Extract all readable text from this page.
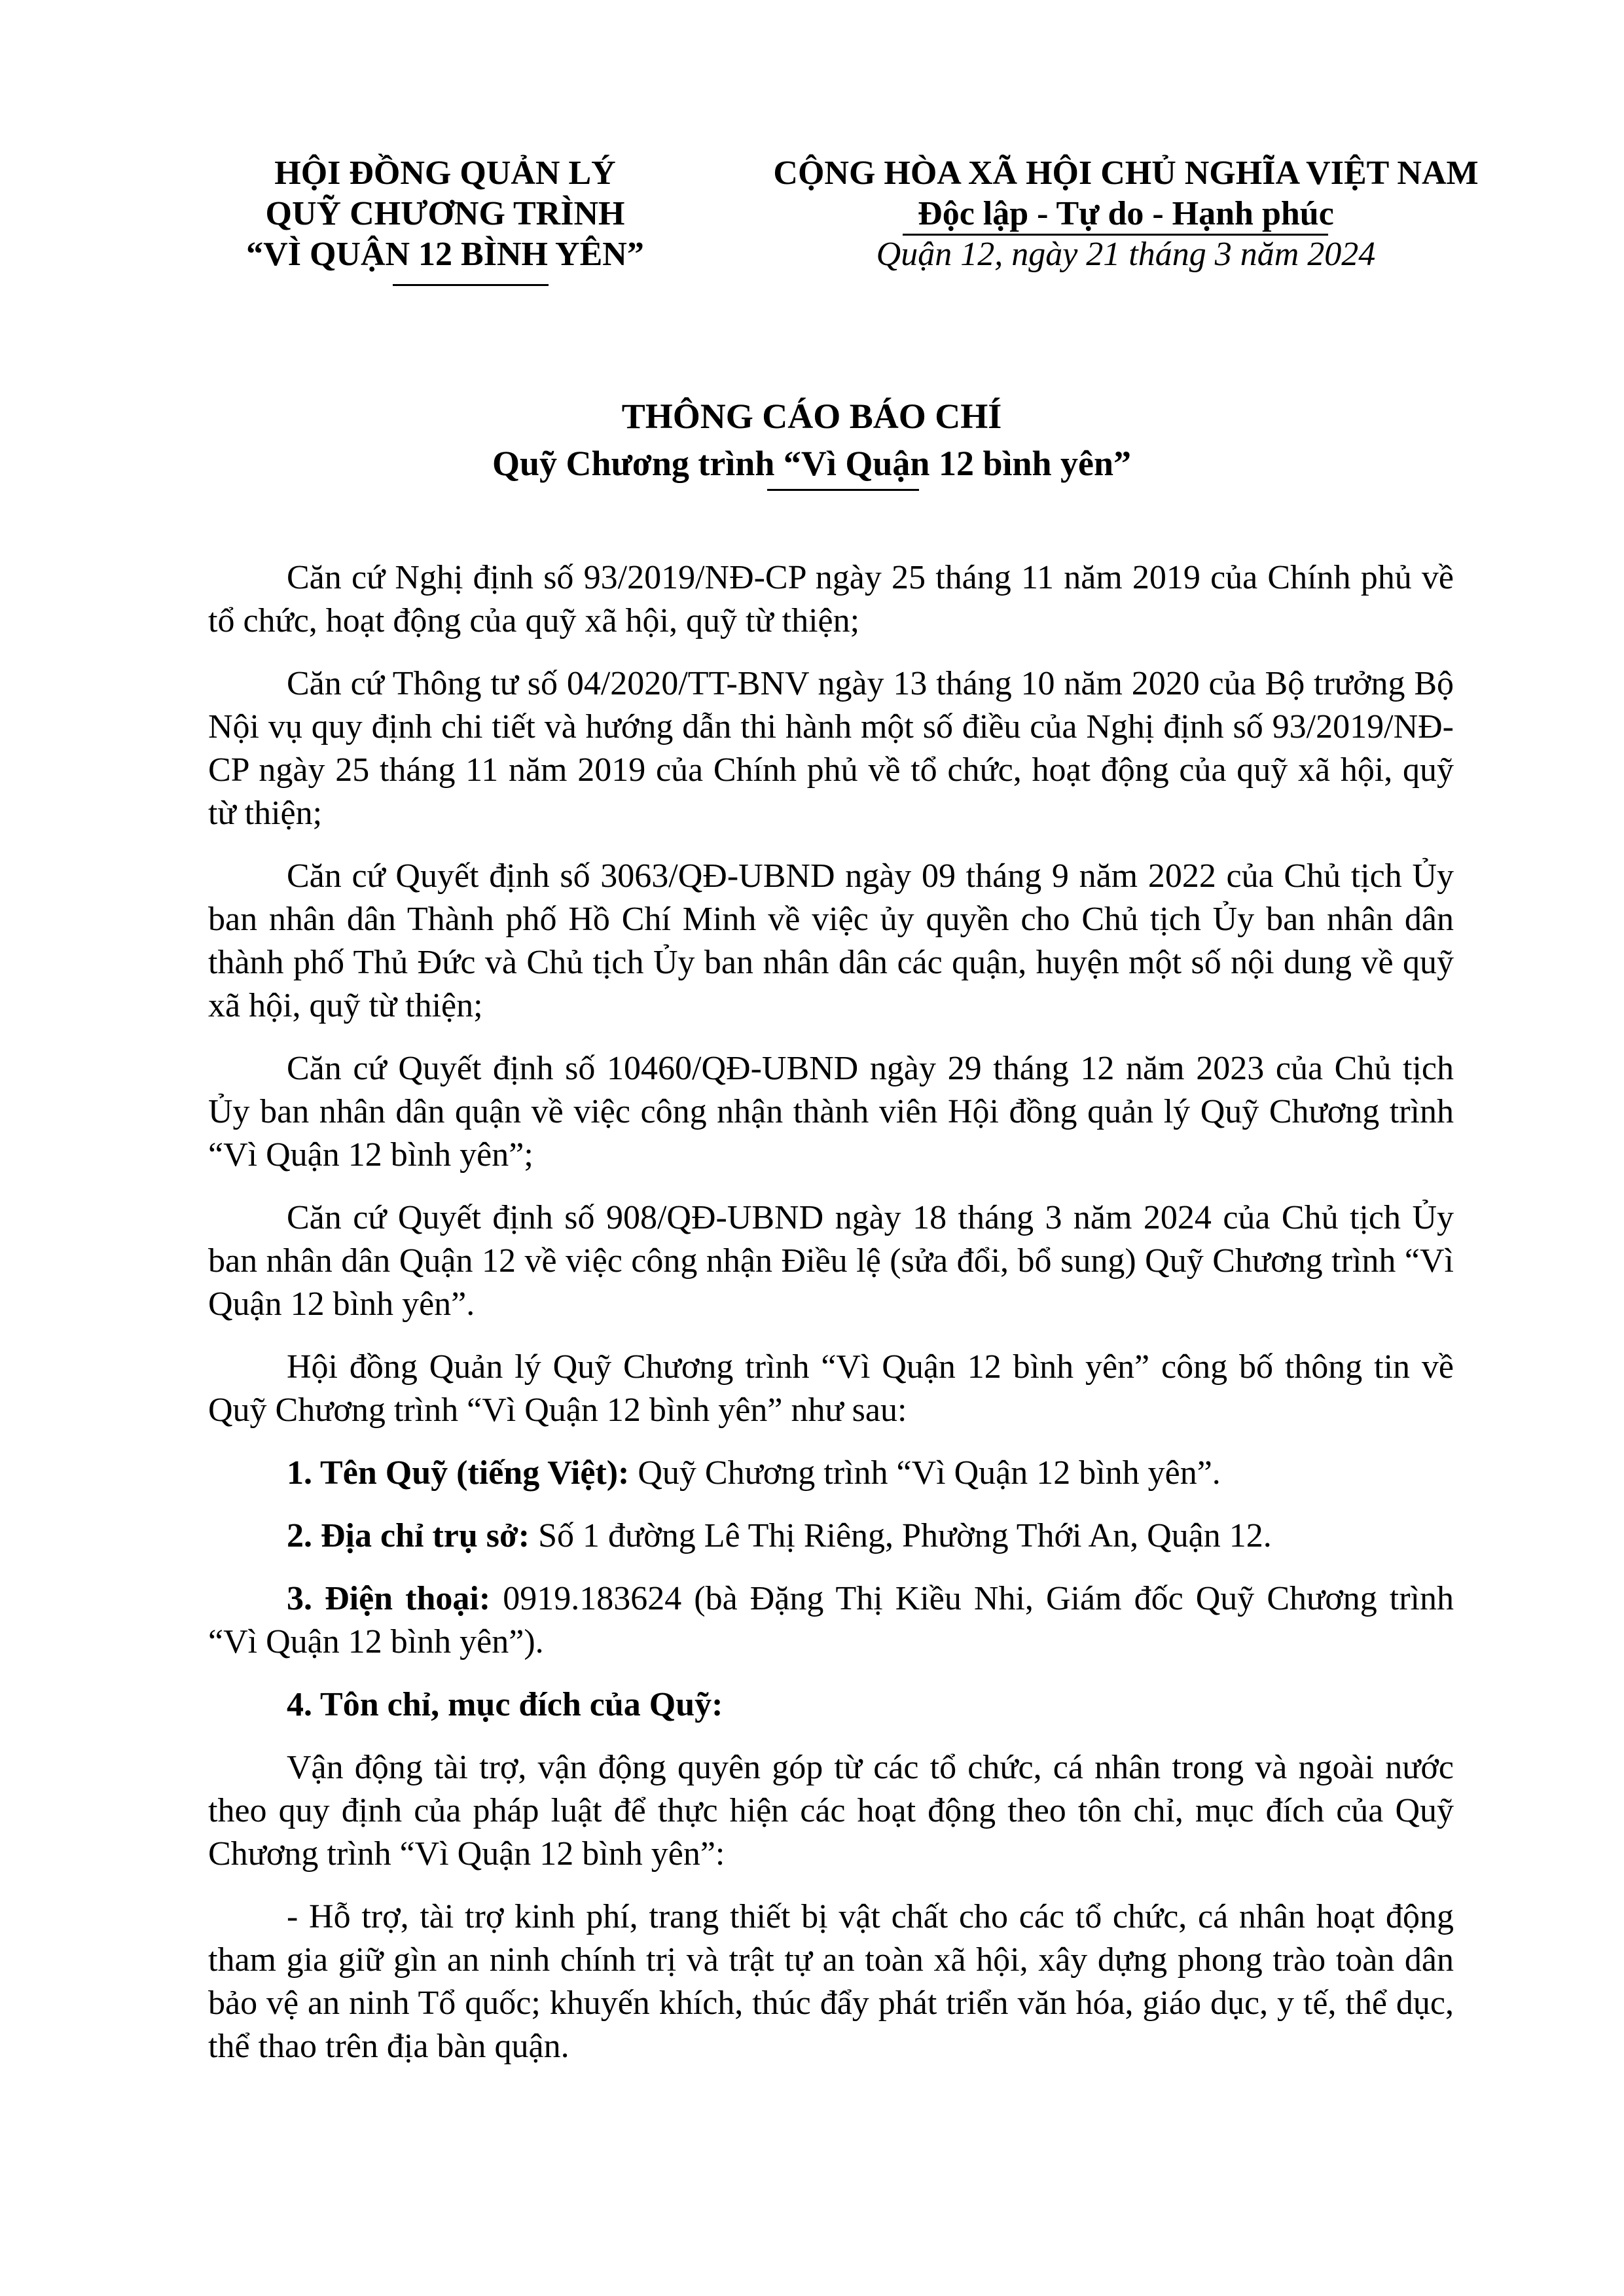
HỘI ĐỒNG QUẢN LÝ
QUỸ CHƯƠNG TRÌNH
“VÌ QUẬN 12 BÌNH YÊN”
CỘNG HÒA XÃ HỘI CHỦ NGHĨA VIỆT NAM
Độc lập - Tự do - Hạnh phúc
Quận 12, ngày 21 tháng 3 năm 2024
THÔNG CÁO BÁO CHÍ
Quỹ Chương trình “Vì Quận 12 bình yên”

Căn cứ Nghị định số 93/2019/NĐ-CP ngày 25 tháng 11 năm 2019 của Chính phủ về tổ chức, hoạt động của quỹ xã hội, quỹ từ thiện;

Căn cứ Thông tư số 04/2020/TT-BNV ngày 13 tháng 10 năm 2020 của Bộ trưởng Bộ Nội vụ quy định chi tiết và hướng dẫn thi hành một số điều của Nghị định số 93/2019/NĐ-CP ngày 25 tháng 11 năm 2019 của Chính phủ về tổ chức, hoạt động của quỹ xã hội, quỹ từ thiện;

Căn cứ Quyết định số 3063/QĐ-UBND ngày 09 tháng 9 năm 2022 của Chủ tịch Ủy ban nhân dân Thành phố Hồ Chí Minh về việc ủy quyền cho Chủ tịch Ủy ban nhân dân thành phố Thủ Đức và Chủ tịch Ủy ban nhân dân các quận, huyện một số nội dung về quỹ xã hội, quỹ từ thiện;

Căn cứ Quyết định số 10460/QĐ-UBND ngày 29 tháng 12 năm 2023 của Chủ tịch Ủy ban nhân dân quận về việc công nhận thành viên Hội đồng quản lý Quỹ Chương trình “Vì Quận 12 bình yên”;

Căn cứ Quyết định số 908/QĐ-UBND ngày 18 tháng 3 năm 2024 của Chủ tịch Ủy ban nhân dân Quận 12 về việc công nhận Điều lệ (sửa đổi, bổ sung) Quỹ Chương trình “Vì Quận 12 bình yên”.

Hội đồng Quản lý Quỹ Chương trình “Vì Quận 12 bình yên” công bố thông tin về Quỹ Chương trình “Vì Quận 12 bình yên” như sau:

1. Tên Quỹ (tiếng Việt): Quỹ Chương trình “Vì Quận 12 bình yên”.

2. Địa chỉ trụ sở: Số 1 đường Lê Thị Riêng, Phường Thới An, Quận 12.

3. Điện thoại: 0919.183624 (bà Đặng Thị Kiều Nhi, Giám đốc Quỹ Chương trình “Vì Quận 12 bình yên”).

4. Tôn chỉ, mục đích của Quỹ:

Vận động tài trợ, vận động quyên góp từ các tổ chức, cá nhân trong và ngoài nước theo quy định của pháp luật để thực hiện các hoạt động theo tôn chỉ, mục đích của Quỹ Chương trình “Vì Quận 12 bình yên”:

- Hỗ trợ, tài trợ kinh phí, trang thiết bị vật chất cho các tổ chức, cá nhân hoạt động tham gia giữ gìn an ninh chính trị và trật tự an toàn xã hội, xây dựng phong trào toàn dân bảo vệ an ninh Tổ quốc; khuyến khích, thúc đẩy phát triển văn hóa, giáo dục, y tế, thể dục, thể thao trên địa bàn quận.
